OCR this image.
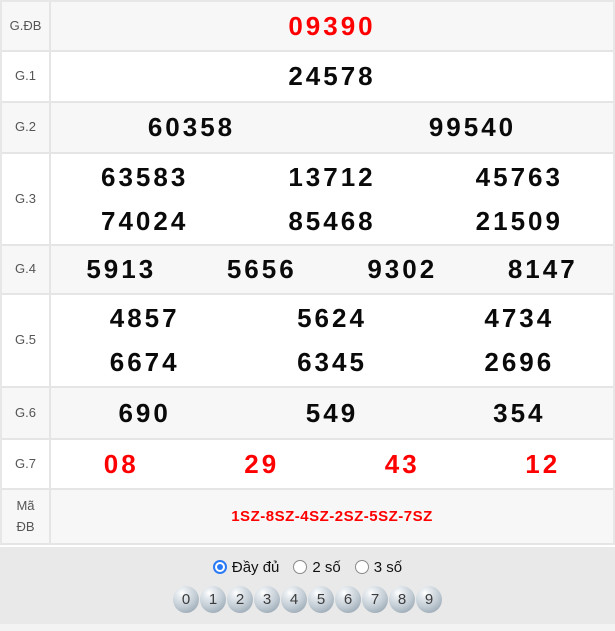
G.ĐB	09390
G.1	24578
G.2	60358	99540
G.3
63583	13712	45763
74024	85468	21509
G.4	5913	5656	9302	8147
G.5
4857	5624	4734
6674	6345	2696
G.6	690	549	354
G.7	08	29	43	12
Mã ĐB
1SZ-8SZ-4SZ-2SZ-5SZ-7SZ
Đầy đủ 2 số 3 số
0	1	2	3	4	5	6	7	8	9
